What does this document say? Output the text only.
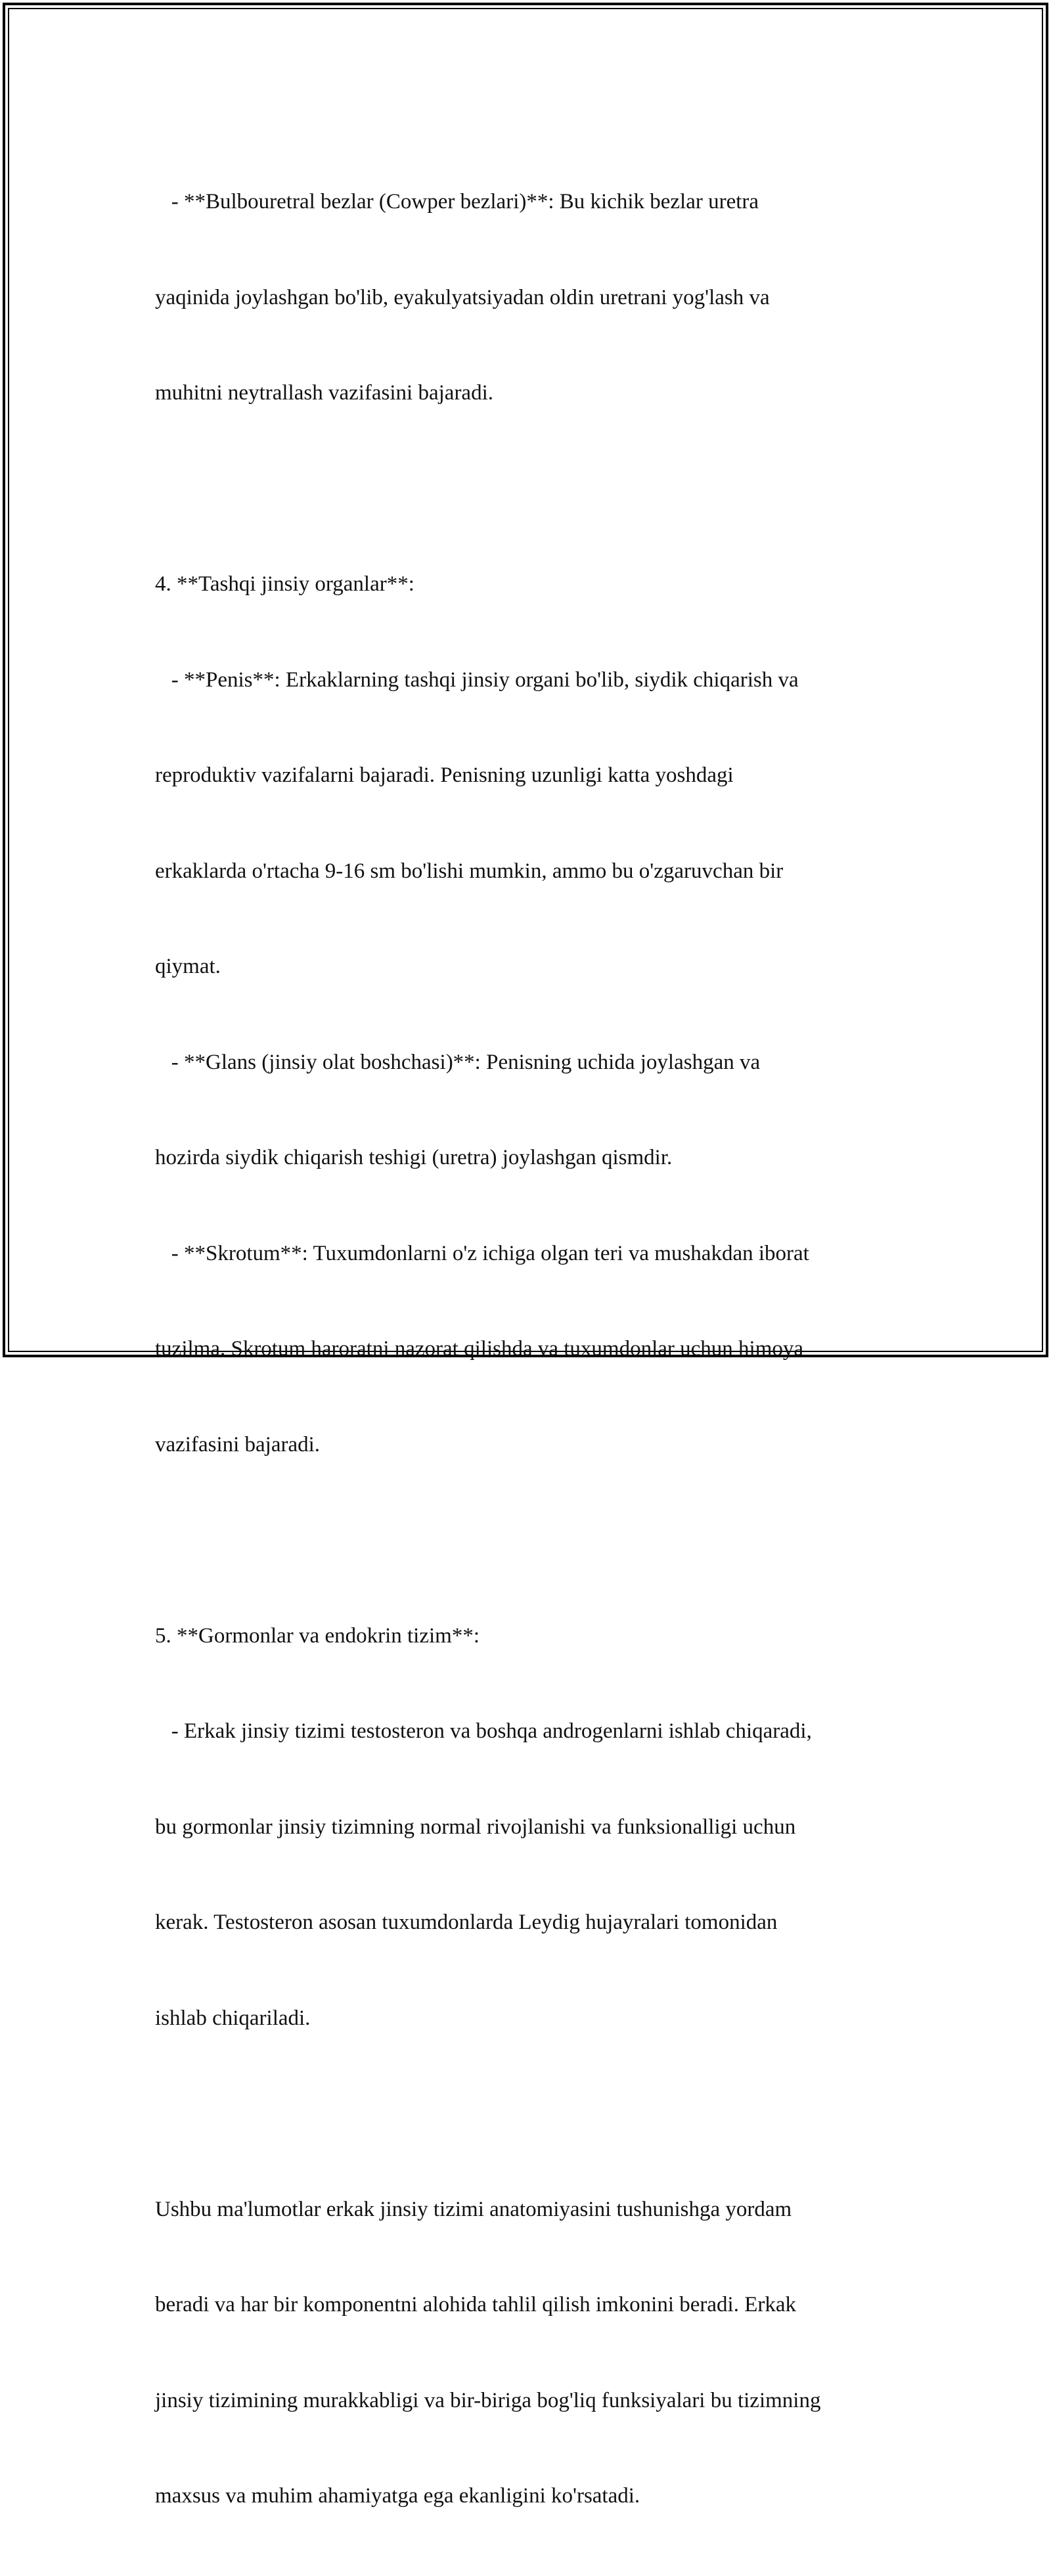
- **Bulbouretral bezlar (Cowper bezlari)**: Bu kichik bezlar uretra

yaqinida joylashgan bo'lib, eyakulyatsiyadan oldin uretrani yog'lash va

muhitni neytrallash vazifasini bajaradi.

4. **Tashqi jinsiy organlar**:

- **Penis**: Erkaklarning tashqi jinsiy organi bo'lib, siydik chiqarish va

reproduktiv vazifalarni bajaradi. Penisning uzunligi katta yoshdagi

erkaklarda o'rtacha 9-16 sm bo'lishi mumkin, ammo bu o'zgaruvchan bir

qiymat.

- **Glans (jinsiy olat boshchasi)**: Penisning uchida joylashgan va

hozirda siydik chiqarish teshigi (uretra) joylashgan qismdir.

- **Skrotum**: Tuxumdonlarni o'z ichiga olgan teri va mushakdan iborat

tuzilma. Skrotum haroratni nazorat qilishda va tuxumdonlar uchun himoya

vazifasini bajaradi.

5. **Gormonlar va endokrin tizim**:

- Erkak jinsiy tizimi testosteron va boshqa androgenlarni ishlab chiqaradi,

bu gormonlar jinsiy tizimning normal rivojlanishi va funksionalligi uchun

kerak. Testosteron asosan tuxumdonlarda Leydig hujayralari tomonidan

ishlab chiqariladi.

Ushbu ma'lumotlar erkak jinsiy tizimi anatomiyasini tushunishga yordam

beradi va har bir komponentni alohida tahlil qilish imkonini beradi. Erkak

jinsiy tizimining murakkabligi va bir-biriga bog'liq funksiyalari bu tizimning

maxsus va muhim ahamiyatga ega ekanligini ko'rsatadi.
